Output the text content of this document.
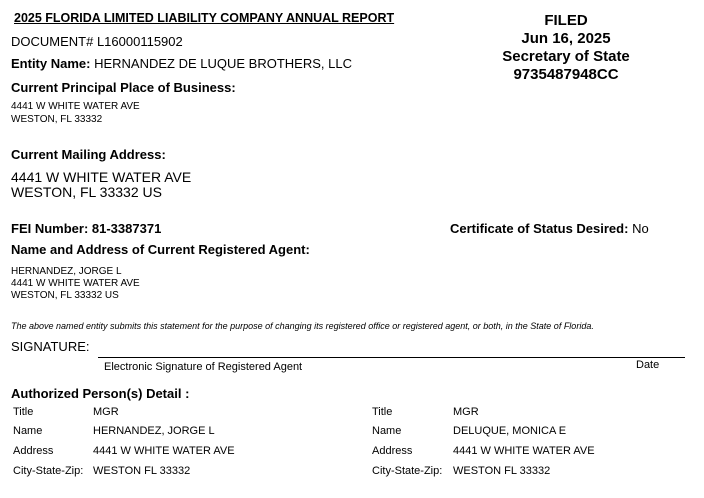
2025 FLORIDA LIMITED LIABILITY COMPANY ANNUAL REPORT
DOCUMENT# L16000115902
Entity Name: HERNANDEZ DE LUQUE BROTHERS, LLC
FILED
Jun 16, 2025
Secretary of State
9735487948CC
Current Principal Place of Business:
4441 W WHITE WATER AVE
WESTON, FL 33332
Current Mailing Address:
4441 W WHITE WATER AVE
WESTON, FL 33332 US
FEI Number: 81-3387371	Certificate of Status Desired: No
Name and Address of Current Registered Agent:
HERNANDEZ, JORGE L
4441 W WHITE WATER AVE
WESTON, FL 33332 US
The above named entity submits this statement for the purpose of changing its registered office or registered agent, or both, in the State of Florida.
SIGNATURE:
Electronic Signature of Registered Agent	Date
Authorized Person(s) Detail :
Title	MGR
Name	HERNANDEZ, JORGE L
Address	4441 W WHITE WATER AVE
City-State-Zip: WESTON FL 33332
Title	MGR
Name	DELUQUE, MONICA E
Address	4441 W WHITE WATER AVE
City-State-Zip: WESTON FL 33332
